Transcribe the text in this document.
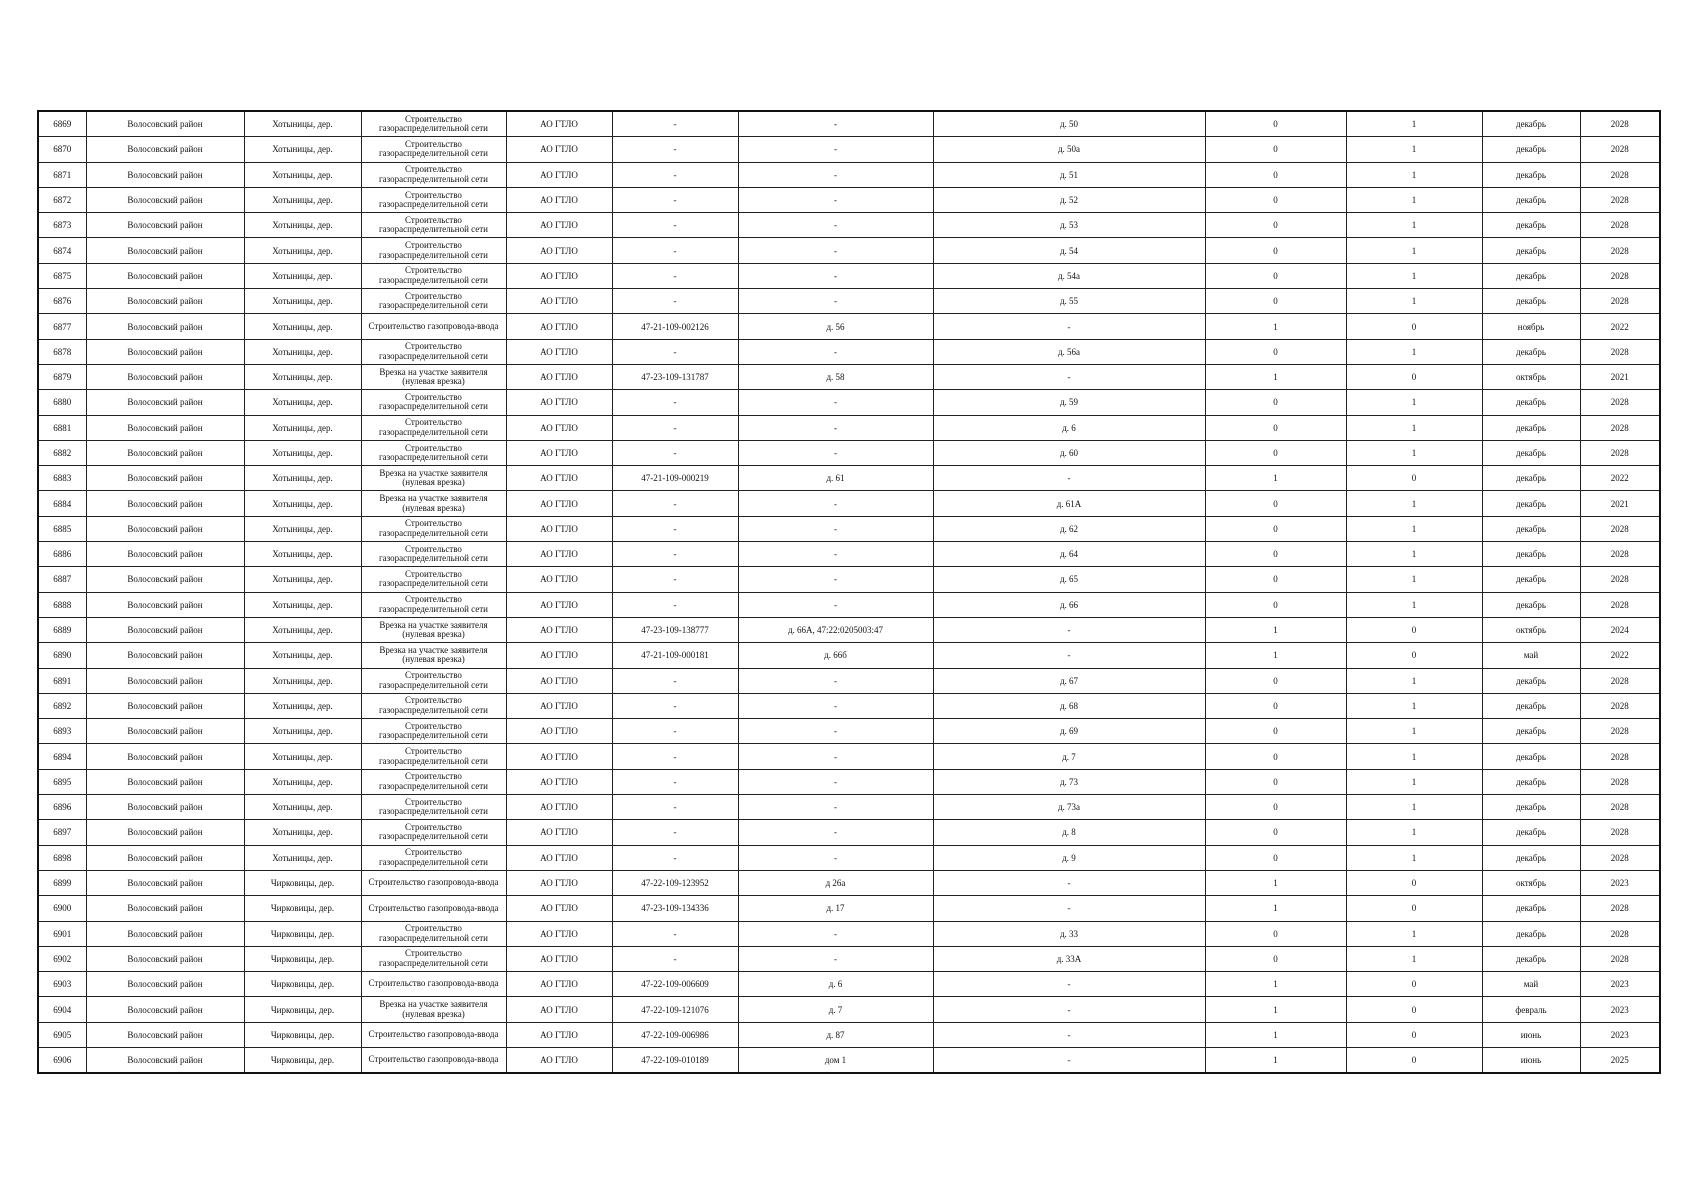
6869	Волосовский район	Хотыницы, дер.	Строительство газораспределительной сети	АО ГТЛО	-	-	д. 50	0	1	декабрь	2028
6870	Волосовский район	Хотыницы, дер.	Строительство газораспределительной сети	АО ГТЛО	-	-	д. 50а	0	1	декабрь	2028
6871	Волосовский район	Хотыницы, дер.	Строительство газораспределительной сети	АО ГТЛО	-	-	д. 51	0	1	декабрь	2028
6872	Волосовский район	Хотыницы, дер.	Строительство газораспределительной сети	АО ГТЛО	-	-	д. 52	0	1	декабрь	2028
6873	Волосовский район	Хотыницы, дер.	Строительство газораспределительной сети	АО ГТЛО	-	-	д. 53	0	1	декабрь	2028
6874	Волосовский район	Хотыницы, дер.	Строительство газораспределительной сети	АО ГТЛО	-	-	д. 54	0	1	декабрь	2028
6875	Волосовский район	Хотыницы, дер.	Строительство газораспределительной сети	АО ГТЛО	-	-	д. 54а	0	1	декабрь	2028
6876	Волосовский район	Хотыницы, дер.	Строительство газораспределительной сети	АО ГТЛО	-	-	д. 55	0	1	декабрь	2028
6877	Волосовский район	Хотыницы, дер.	Строительство газопровода-ввода	АО ГТЛО	47-21-109-002126	д. 56	-	1	0	ноябрь	2022
6878	Волосовский район	Хотыницы, дер.	Строительство газораспределительной сети	АО ГТЛО	-	-	д. 56а	0	1	декабрь	2028
6879	Волосовский район	Хотыницы, дер.	Врезка на участке заявителя (нулевая врезка)	АО ГТЛО	47-23-109-131787	д. 58	-	1	0	октябрь	2021
6880	Волосовский район	Хотыницы, дер.	Строительство газораспределительной сети	АО ГТЛО	-	-	д. 59	0	1	декабрь	2028
6881	Волосовский район	Хотыницы, дер.	Строительство газораспределительной сети	АО ГТЛО	-	-	д. 6	0	1	декабрь	2028
6882	Волосовский район	Хотыницы, дер.	Строительство газораспределительной сети	АО ГТЛО	-	-	д. 60	0	1	декабрь	2028
6883	Волосовский район	Хотыницы, дер.	Врезка на участке заявителя (нулевая врезка)	АО ГТЛО	47-21-109-000219	д. 61	-	1	0	декабрь	2022
6884	Волосовский район	Хотыницы, дер.	Врезка на участке заявителя (нулевая врезка)	АО ГТЛО	-	-	д. 61А	0	1	декабрь	2021
6885	Волосовский район	Хотыницы, дер.	Строительство газораспределительной сети	АО ГТЛО	-	-	д. 62	0	1	декабрь	2028
6886	Волосовский район	Хотыницы, дер.	Строительство газораспределительной сети	АО ГТЛО	-	-	д. 64	0	1	декабрь	2028
6887	Волосовский район	Хотыницы, дер.	Строительство газораспределительной сети	АО ГТЛО	-	-	д. 65	0	1	декабрь	2028
6888	Волосовский район	Хотыницы, дер.	Строительство газораспределительной сети	АО ГТЛО	-	-	д. 66	0	1	декабрь	2028
6889	Волосовский район	Хотыницы, дер.	Врезка на участке заявителя (нулевая врезка)	АО ГТЛО	47-23-109-138777	д. 66А, 47:22:0205003:47	-	1	0	октябрь	2024
6890	Волосовский район	Хотыницы, дер.	Врезка на участке заявителя (нулевая врезка)	АО ГТЛО	47-21-109-000181	д. 66б	-	1	0	май	2022
6891	Волосовский район	Хотыницы, дер.	Строительство газораспределительной сети	АО ГТЛО	-	-	д. 67	0	1	декабрь	2028
6892	Волосовский район	Хотыницы, дер.	Строительство газораспределительной сети	АО ГТЛО	-	-	д. 68	0	1	декабрь	2028
6893	Волосовский район	Хотыницы, дер.	Строительство газораспределительной сети	АО ГТЛО	-	-	д. 69	0	1	декабрь	2028
6894	Волосовский район	Хотыницы, дер.	Строительство газораспределительной сети	АО ГТЛО	-	-	д. 7	0	1	декабрь	2028
6895	Волосовский район	Хотыницы, дер.	Строительство газораспределительной сети	АО ГТЛО	-	-	д. 73	0	1	декабрь	2028
6896	Волосовский район	Хотыницы, дер.	Строительство газораспределительной сети	АО ГТЛО	-	-	д. 73а	0	1	декабрь	2028
6897	Волосовский район	Хотыницы, дер.	Строительство газораспределительной сети	АО ГТЛО	-	-	д. 8	0	1	декабрь	2028
6898	Волосовский район	Хотыницы, дер.	Строительство газораспределительной сети	АО ГТЛО	-	-	д. 9	0	1	декабрь	2028
6899	Волосовский район	Чирковицы, дер.	Строительство газопровода-ввода	АО ГТЛО	47-22-109-123952	д 26а	-	1	0	октябрь	2023
6900	Волосовский район	Чирковицы, дер.	Строительство газопровода-ввода	АО ГТЛО	47-23-109-134336	д. 17	-	1	0	декабрь	2028
6901	Волосовский район	Чирковицы, дер.	Строительство газораспределительной сети	АО ГТЛО	-	-	д. 33	0	1	декабрь	2028
6902	Волосовский район	Чирковицы, дер.	Строительство газораспределительной сети	АО ГТЛО	-	-	д. 33А	0	1	декабрь	2028
6903	Волосовский район	Чирковицы, дер.	Строительство газопровода-ввода	АО ГТЛО	47-22-109-006609	д. 6	-	1	0	май	2023
6904	Волосовский район	Чирковицы, дер.	Врезка на участке заявителя (нулевая врезка)	АО ГТЛО	47-22-109-121076	д. 7	-	1	0	февраль	2023
6905	Волосовский район	Чирковицы, дер.	Строительство газопровода-ввода	АО ГТЛО	47-22-109-006986	д. 87	-	1	0	июнь	2023
6906	Волосовский район	Чирковицы, дер.	Строительство газопровода-ввода	АО ГТЛО	47-22-109-010189	дом 1	-	1	0	июнь	2025
